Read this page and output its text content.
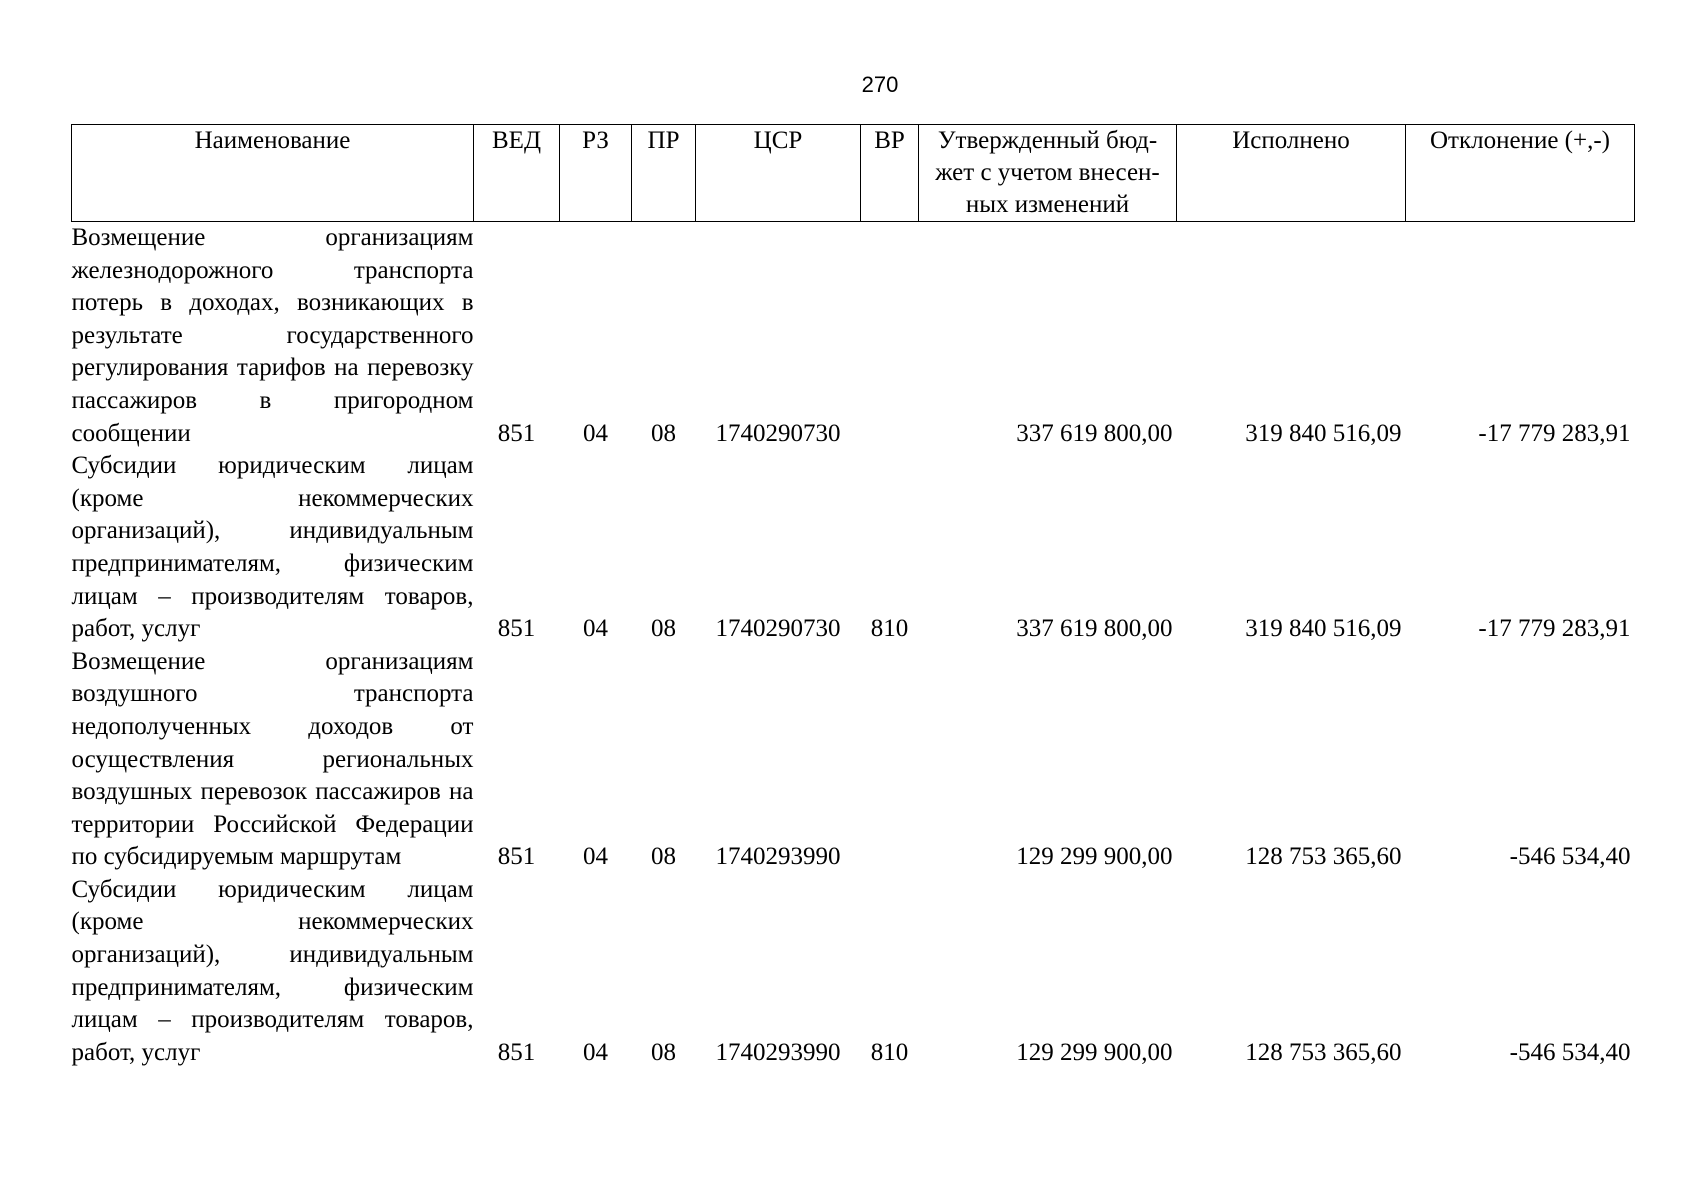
270
Наименование	ВЕД	РЗ	ПР	ЦСР	ВР	Утвержденный бюд-жет с учетом внесен-ных изменений	Исполнено	Отклонение (+,-)
Возмещение организациям железнодорожного транспорта потерь в доходах, возникающих в результате государственного регулирования тарифов на перевозку пассажиров в пригородном сообщении	851	04	08	1740290730		337 619 800,00	319 840 516,09	-17 779 283,91
Субсидии юридическим лицам (кроме некоммерческих организаций), индивидуальным предпринимателям, физическим лицам – производителям товаров, работ, услуг	851	04	08	1740290730	810	337 619 800,00	319 840 516,09	-17 779 283,91
Возмещение организациям воздушного транспорта недополученных доходов от осуществления региональных воздушных перевозок пассажиров на территории Российской Федерации по субсидируемым маршрутам	851	04	08	1740293990		129 299 900,00	128 753 365,60	-546 534,40
Субсидии юридическим лицам (кроме некоммерческих организаций), индивидуальным предпринимателям, физическим лицам – производителям товаров, работ, услуг	851	04	08	1740293990	810	129 299 900,00	128 753 365,60	-546 534,40
